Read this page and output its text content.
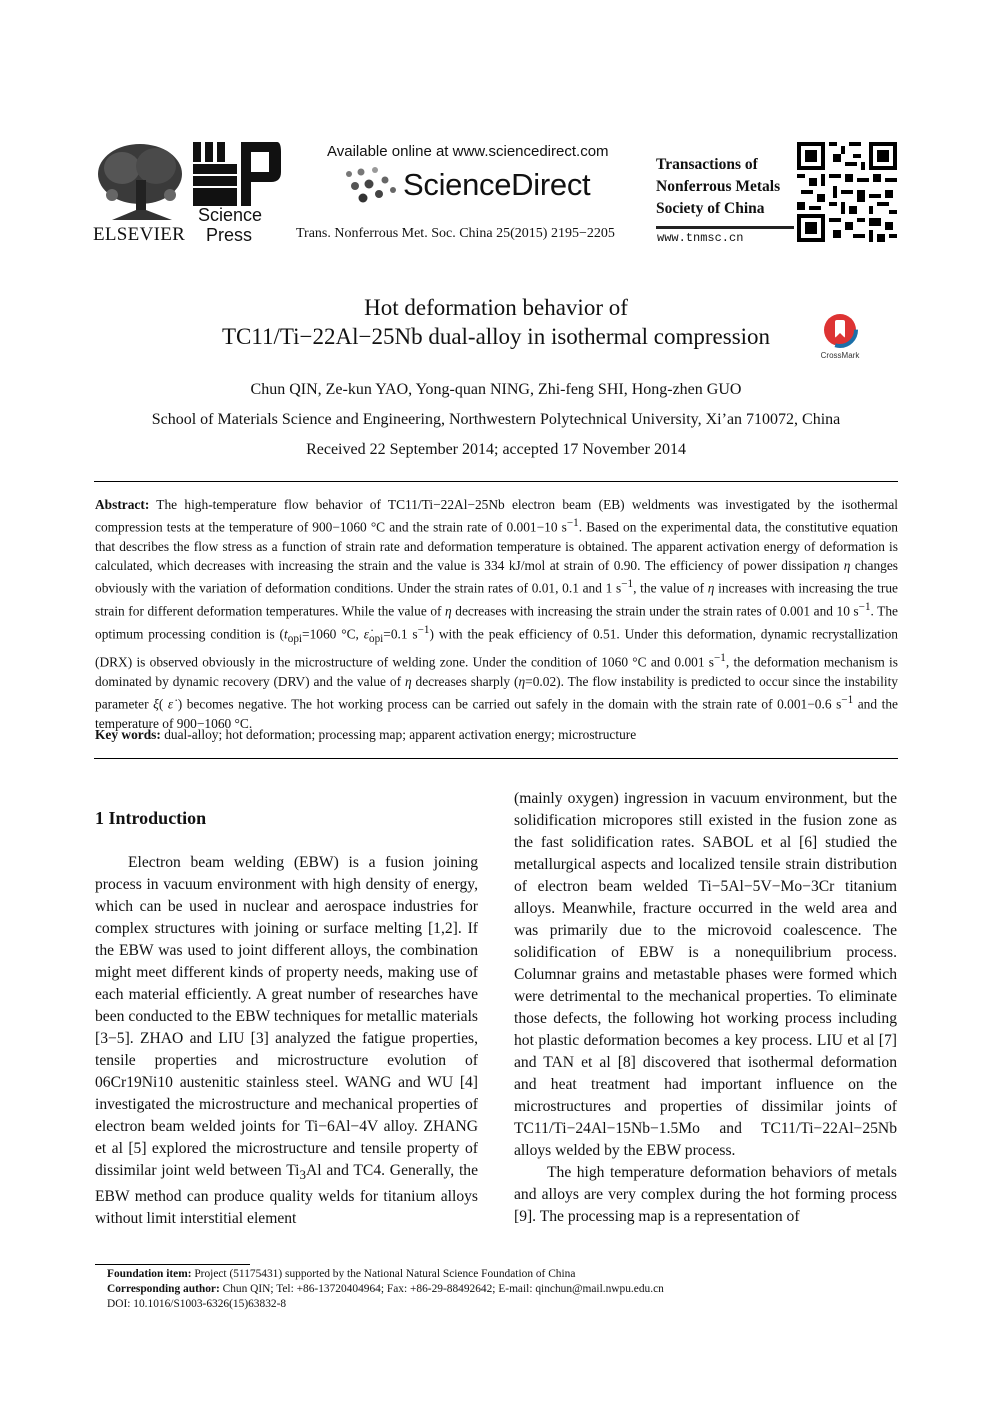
ELSEVIER
Science
Press
Available online at www.sciencedirect.com
ScienceDirect
Trans. Nonferrous Met. Soc. China 25(2015) 2195−2205
Transactions of
Nonferrous Metals
Society of China
www.tnmsc.cn
Hot deformation behavior of
TC11/Ti−22Al−25Nb dual-alloy in isothermal compression
CrossMark
Chun QIN, Ze-kun YAO, Yong-quan NING, Zhi-feng SHI, Hong-zhen GUO
School of Materials Science and Engineering, Northwestern Polytechnical University, Xi’an 710072, China
Received 22 September 2014; accepted 17 November 2014
Abstract: The high-temperature flow behavior of TC11/Ti−22Al−25Nb electron beam (EB) weldments was investigated by the isothermal compression tests at the temperature of 900−1060 °C and the strain rate of 0.001−10 $s^{-1}$. Based on the experimental data, the constitutive equation that describes the flow stress as a function of strain rate and deformation temperature is obtained. The apparent activation energy of deformation is calculated, which decreases with increasing the strain and the value is 334 kJ/mol at strain of 0.90. The efficiency of power dissipation η changes obviously with the variation of deformation conditions. Under the strain rates of 0.01, 0.1 and 1 $s^{-1}$, the value of η increases with increasing the true strain for different deformation temperatures. While the value of η decreases with increasing the strain under the strain rates of 0.001 and 10 $s^{-1}$. The optimum processing condition is ($t_{opi}=1060$ °C, $\varepsiloṅ_{opi}=0.1$ $s^{-1}$) with the peak efficiency of 0.51. Under this deformation, dynamic recrystallization (DRX) is observed obviously in the microstructure of welding zone. Under the condition of 1060 °C and 0.001 $s^{-1}$, the deformation mechanism is dominated by dynamic recovery (DRV) and the value of η decreases sharply (η=0.02). The flow instability is predicted to occur since the instability parameter ξ( ε̇ ) becomes negative. The hot working process can be carried out safely in the domain with the strain rate of 0.001−0.6 $s^{-1}$ and the temperature of 900−1060 °C.
Key words: dual-alloy; hot deformation; processing map; apparent activation energy; microstructure
1 Introduction

Electron beam welding (EBW) is a fusion joining process in vacuum environment with high density of energy, which can be used in nuclear and aerospace industries for complex structures with joining or surface melting [1,2]. If the EBW was used to joint different alloys, the combination might meet different kinds of property needs, making use of each material efficiently. A great number of researches have been conducted to the EBW techniques for metallic materials [3−5]. ZHAO and LIU [3] analyzed the fatigue properties, tensile properties and microstructure evolution of 06Cr19Ni10 austenitic stainless steel. WANG and WU [4] investigated the microstructure and mechanical properties of electron beam welded joints for Ti−6Al−4V alloy. ZHANG et al [5] explored the microstructure and tensile property of dissimilar joint weld between $Ti_3Al$ and TC4. Generally, the EBW method can produce quality welds for titanium alloys without limit interstitial element

(mainly oxygen) ingression in vacuum environment, but the solidification micropores still existed in the fusion zone as the fast solidification rates. SABOL et al [6] studied the metallurgical aspects and localized tensile strain distribution of electron beam welded Ti−5Al−5V−Mo−3Cr titanium alloys. Meanwhile, fracture occurred in the weld area and was primarily due to the microvoid coalescence. The solidification of EBW is a nonequilibrium process. Columnar grains and metastable phases were formed which were detrimental to the mechanical properties. To eliminate those defects, the following hot working process including hot plastic deformation becomes a key process. LIU et al [7] and TAN et al [8] discovered that isothermal deformation and heat treatment had important influence on the microstructures and properties of dissimilar joints of TC11/Ti−24Al−15Nb−1.5Mo and TC11/Ti−22Al−25Nb alloys welded by the EBW process.

The high temperature deformation behaviors of metals and alloys are very complex during the hot forming process [9]. The processing map is a representation of

Foundation item: Project (51175431) supported by the National Natural Science Foundation of China
Corresponding author: Chun QIN; Tel: +86-13720404964; Fax: +86-29-88492642; E-mail: qinchun@mail.nwpu.edu.cn
DOI: 10.1016/S1003-6326(15)63832-8
